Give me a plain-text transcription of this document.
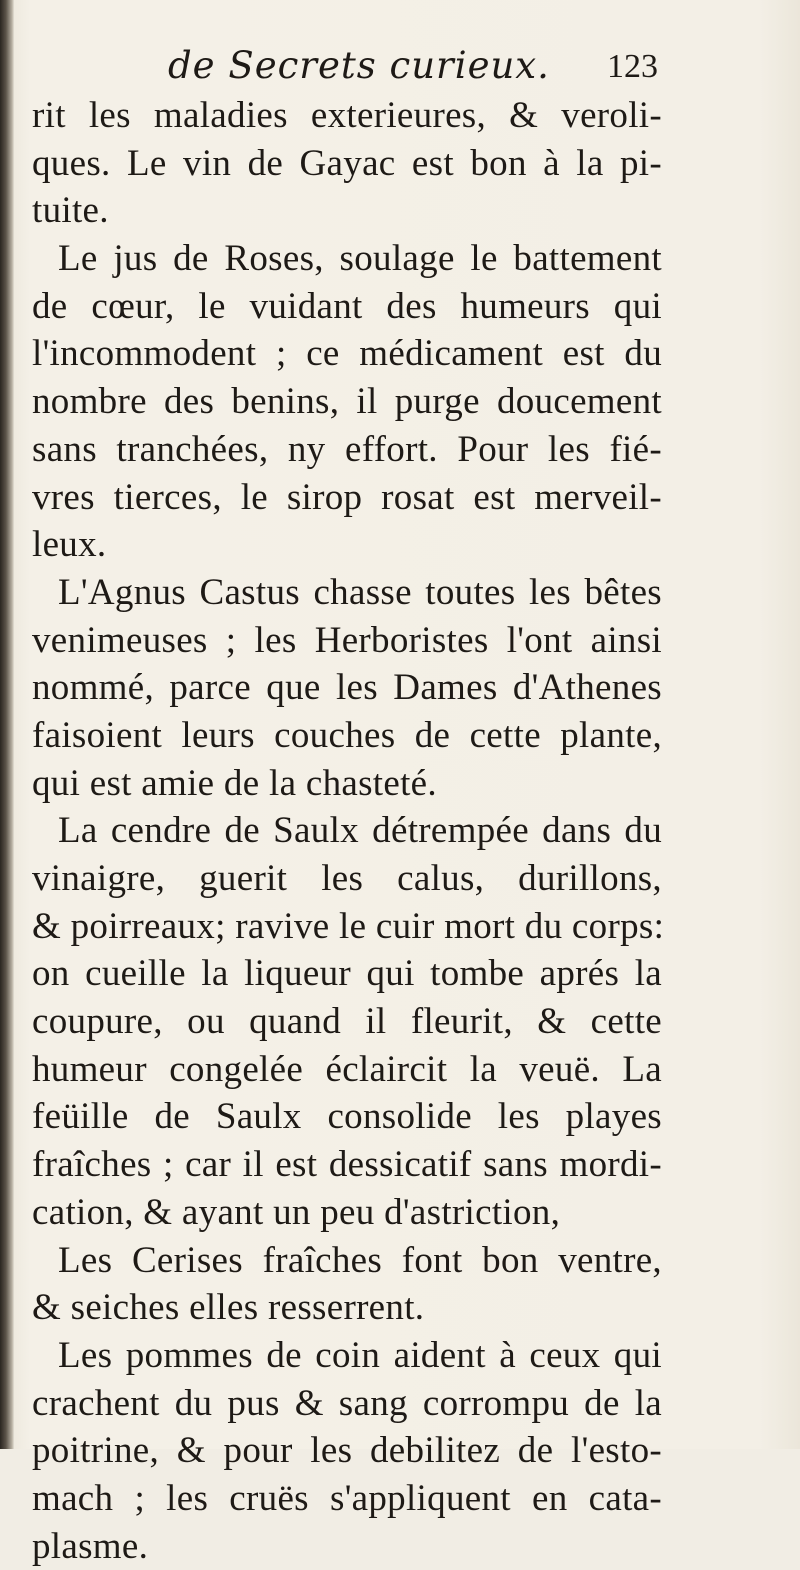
de Secrets curieux. 123
rit les maladies exterieures, & veroli-
ques. Le vin de Gayac est bon à la pi-
tuite.
Le jus de Roses, soulage le battement
de cœur, le vuidant des humeurs qui
l'incommodent ; ce médicament est du
nombre des benins, il purge doucement
sans tranchées, ny effort. Pour les fié-
vres tierces, le sirop rosat est merveil-
leux.
L'Agnus Castus chasse toutes les bêtes
venimeuses ; les Herboristes l'ont ainsi
nommé, parce que les Dames d'Athenes
faisoient leurs couches de cette plante,
qui est amie de la chasteté.
La cendre de Saulx détrempée dans du
vinaigre, guerit les calus, durillons,
& poirreaux; ravive le cuir mort du corps:
on cueille la liqueur qui tombe aprés la
coupure, ou quand il fleurit, & cette
humeur congelée éclaircit la veuë. La
feüille de Saulx consolide les playes
fraîches ; car il est dessicatif sans mordi-
cation, & ayant un peu d'astriction,
Les Cerises fraîches font bon ventre,
& seiches elles resserrent.
Les pommes de coin aident à ceux qui
crachent du pus & sang corrompu de la
poitrine, & pour les debilitez de l'esto-
mach ; les cruës s'appliquent en cata-
plasme.
